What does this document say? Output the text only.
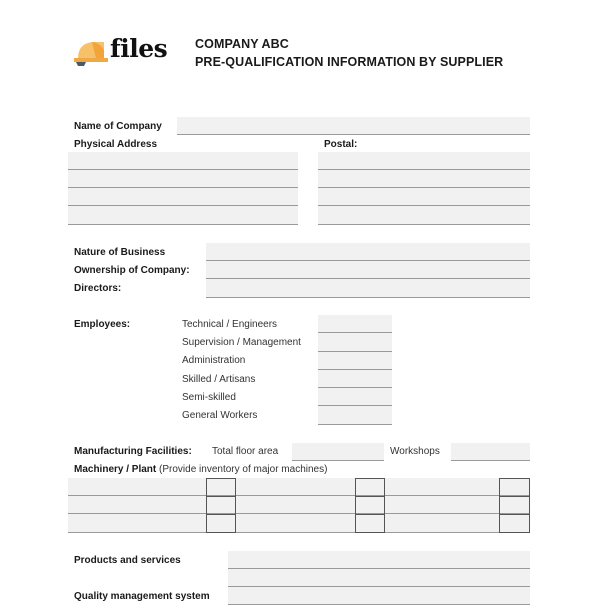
files COMPANY ABC
PRE-QUALIFICATION INFORMATION BY SUPPLIER
Name of Company
Physical Address	Postal:
Nature of Business
Ownership of Company:
Directors:
Employees:	Technical / Engineers
Supervision / Management
Administration
Skilled / Artisans
Semi-skilled
General Workers
Manufacturing Facilities: Total floor area	Workshops
Machinery / Plant (Provide inventory of major machines)
Products and services
Quality management system
